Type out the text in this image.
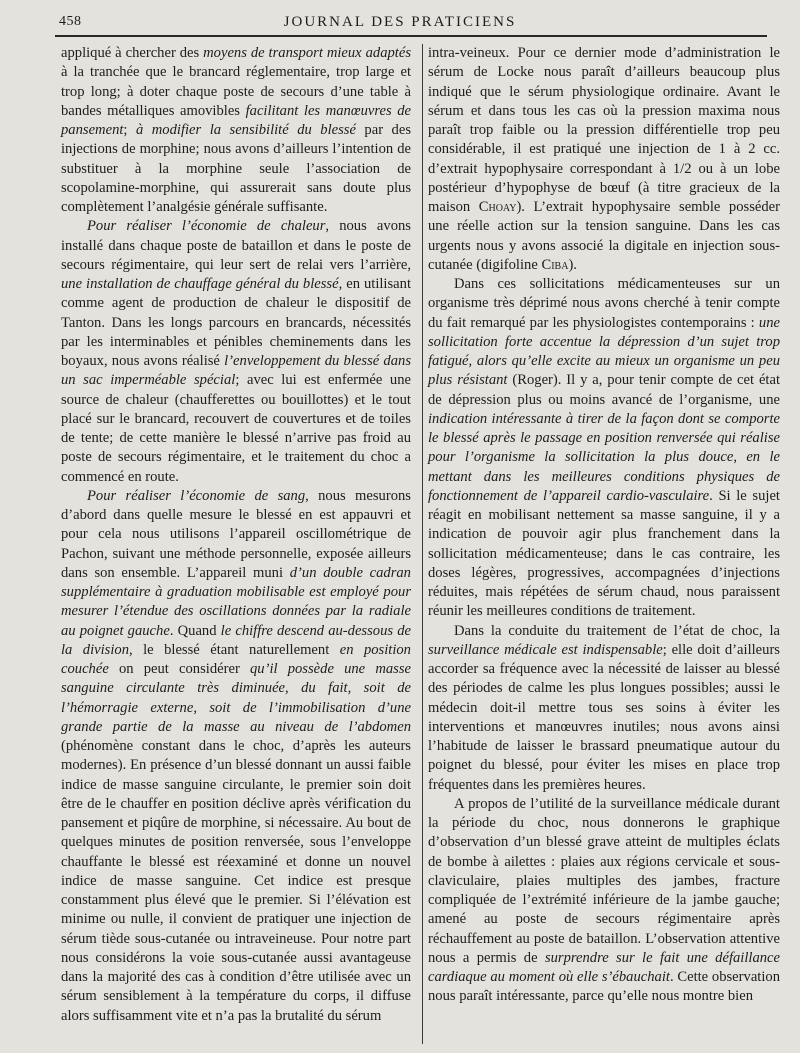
458	JOURNAL DES PRATICIENS

appliqué à chercher des moyens de transport mieux adaptés à la tranchée que le brancard réglementaire, trop large et trop long; à doter chaque poste de secours d’une table à bandes métalliques amovibles facilitant les manœuvres de pansement; à modifier la sensibilité du blessé par des injections de morphine; nous avons d’ailleurs l’intention de substituer à la morphine seule l’association de scopolamine-morphine, qui assurerait sans doute plus complètement l’analgésie générale suffisante.

Pour réaliser l’économie de chaleur, nous avons installé dans chaque poste de bataillon et dans le poste de secours régimentaire, qui leur sert de relai vers l’arrière, une installation de chauffage général du blessé, en utilisant comme agent de production de chaleur le dispositif de Tanton. Dans les longs parcours en brancards, nécessités par les interminables et pénibles cheminements dans les boyaux, nous avons réalisé l’enveloppement du blessé dans un sac imperméable spécial; avec lui est enfermée une source de chaleur (chaufferettes ou bouillottes) et le tout placé sur le brancard, recouvert de couvertures et de toiles de tente; de cette manière le blessé n’arrive pas froid au poste de secours régimentaire, et le traitement du choc a commencé en route.

Pour réaliser l’économie de sang, nous mesurons d’abord dans quelle mesure le blessé en est appauvri et pour cela nous utilisons l’appareil oscillométrique de Pachon, suivant une méthode personnelle, exposée ailleurs dans son ensemble. L’appareil muni d’un double cadran supplémentaire à graduation mobilisable est employé pour mesurer l’étendue des oscillations données par la radiale au poignet gauche. Quand le chiffre descend au-dessous de la division, le blessé étant naturellement en position couchée on peut considérer qu’il possède une masse sanguine circulante très diminuée, du fait, soit de l’hémorragie externe, soit de l’immobilisation d’une grande partie de la masse au niveau de l’abdomen (phénomène constant dans le choc, d’après les auteurs modernes). En présence d’un blessé donnant un aussi faible indice de masse sanguine circulante, le premier soin doit être de le chauffer en position déclive après vérification du pansement et piqûre de morphine, si nécessaire. Au bout de quelques minutes de position renversée, sous l’enveloppe chauffante le blessé est réexaminé et donne un nouvel indice de masse sanguine. Cet indice est presque constamment plus élevé que le premier. Si l’élévation est minime ou nulle, il convient de pratiquer une injection de sérum tiède sous-cutanée ou intraveineuse. Pour notre part nous considérons la voie sous-cutanée aussi avantageuse dans la majorité des cas à condition d’être utilisée avec un sérum sensiblement à la température du corps, il diffuse alors suffisamment vite et n’a pas la brutalité du sérum

intra-veineux. Pour ce dernier mode d’administration le sérum de Locke nous paraît d’ailleurs beaucoup plus indiqué que le sérum physiologique ordinaire. Avant le sérum et dans tous les cas où la pression maxima nous paraît trop faible ou la pression différentielle trop peu considérable, il est pratiqué une injection de 1 à 2 cc. d’extrait hypophysaire correspondant à 1/2 ou à un lobe postérieur d’hypophyse de bœuf (à titre gracieux de la maison Choay). L’extrait hypophysaire semble posséder une réelle action sur la tension sanguine. Dans les cas urgents nous y avons associé la digitale en injection sous-cutanée (digifoline Ciba).

Dans ces sollicitations médicamenteuses sur un organisme très déprimé nous avons cherché à tenir compte du fait remarqué par les physiologistes contemporains : une sollicitation forte accentue la dépression d’un sujet trop fatigué, alors qu’elle excite au mieux un organisme un peu plus résistant (Roger). Il y a, pour tenir compte de cet état de dépression plus ou moins avancé de l’organisme, une indication intéressante à tirer de la façon dont se comporte le blessé après le passage en position renversée qui réalise pour l’organisme la sollicitation la plus douce, en le mettant dans les meilleures conditions physiques de fonctionnement de l’appareil cardio-vasculaire. Si le sujet réagit en mobilisant nettement sa masse sanguine, il y a indication de pouvoir agir plus franchement dans la sollicitation médicamenteuse; dans le cas contraire, les doses légères, progressives, accompagnées d’injections réduites, mais répétées de sérum chaud, nous paraissent réunir les meilleures conditions de traitement.

Dans la conduite du traitement de l’état de choc, la surveillance médicale est indispensable; elle doit d’ailleurs accorder sa fréquence avec la nécessité de laisser au blessé des périodes de calme les plus longues possibles; aussi le médecin doit-il mettre tous ses soins à éviter les interventions et manœuvres inutiles; nous avons ainsi l’habitude de laisser le brassard pneumatique autour du poignet du blessé, pour éviter les mises en place trop fréquentes dans les premières heures.

A propos de l’utilité de la surveillance médicale durant la période du choc, nous donnerons le graphique d’observation d’un blessé grave atteint de multiples éclats de bombe à ailettes : plaies aux régions cervicale et sous-claviculaire, plaies multiples des jambes, fracture compliquée de l’extrémité inférieure de la jambe gauche; amené au poste de secours régimentaire après réchauffement au poste de bataillon. L’observation attentive nous a permis de surprendre sur le fait une défaillance cardiaque au moment où elle s’ébauchait. Cette observation nous paraît intéressante, parce qu’elle nous montre bien
